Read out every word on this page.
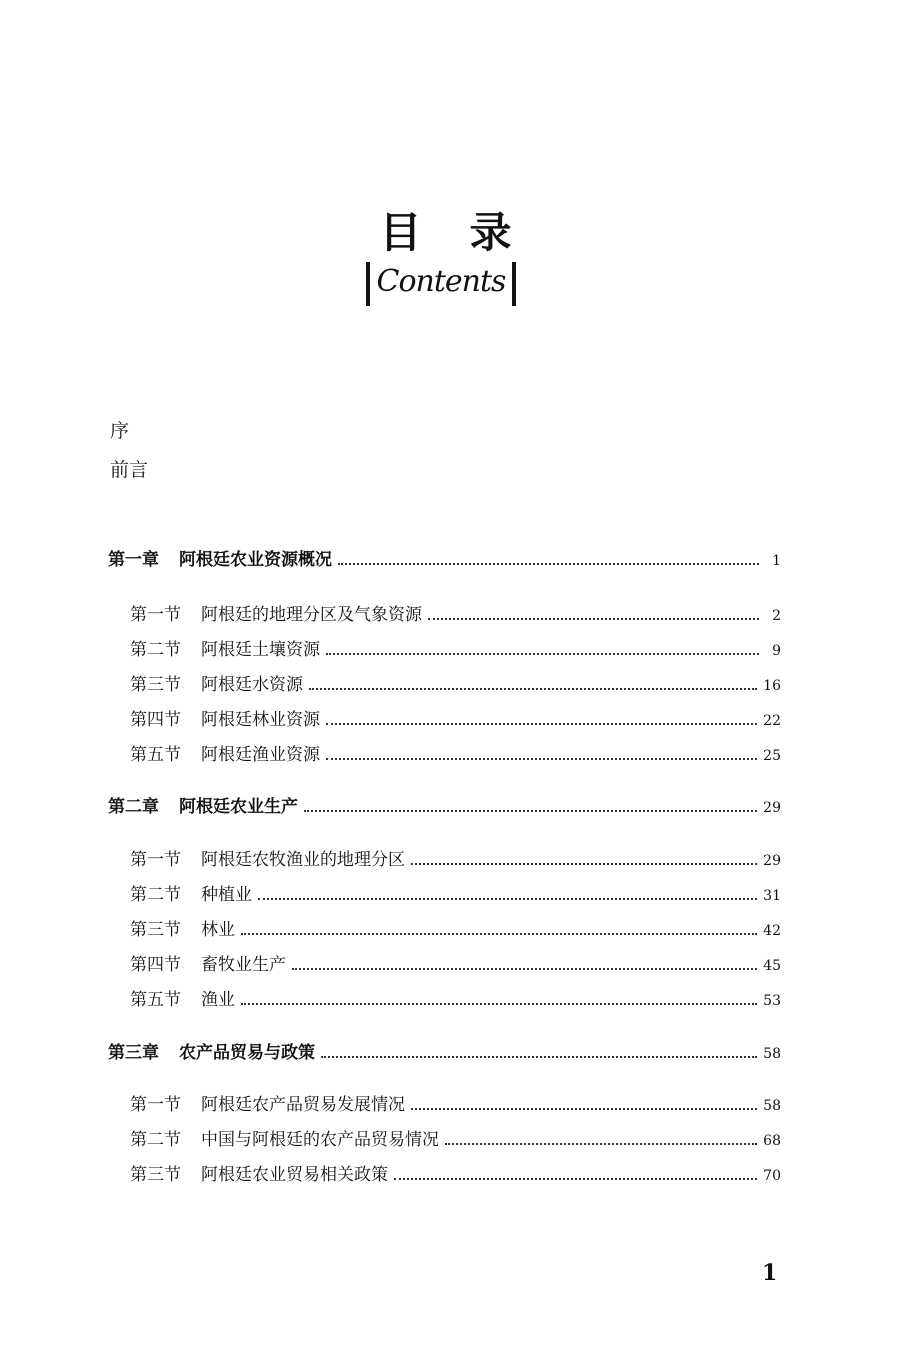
目录
Contents
序
前言
第一章 阿根廷农业资源概况	1
第一节 阿根廷的地理分区及气象资源	2
第二节 阿根廷土壤资源	9
第三节 阿根廷水资源	16
第四节 阿根廷林业资源	22
第五节 阿根廷渔业资源	25
第二章 阿根廷农业生产	29
第一节 阿根廷农牧渔业的地理分区	29
第二节 种植业	31
第三节 林业	42
第四节 畜牧业生产	45
第五节 渔业	53
第三章 农产品贸易与政策	58
第一节 阿根廷农产品贸易发展情况	58
第二节 中国与阿根廷的农产品贸易情况	68
第三节 阿根廷农业贸易相关政策	70
1
